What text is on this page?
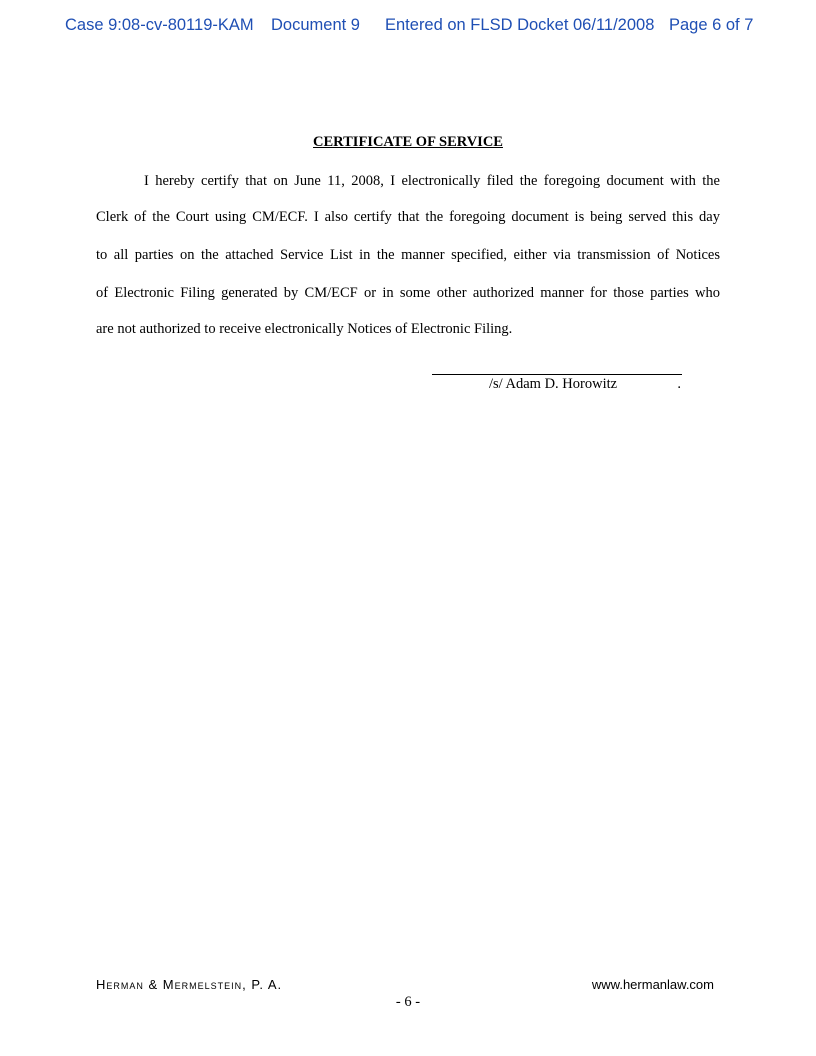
Case 9:08-cv-80119-KAM Document 9 Entered on FLSD Docket 06/11/2008 Page 6 of 7
CERTIFICATE OF SERVICE
I hereby certify that on June 11, 2008, I electronically filed the foregoing document with the
Clerk of the Court using CM/ECF. I also certify that the foregoing document is being served this day
to all parties on the attached Service List in the manner specified, either via transmission of Notices
of Electronic Filing generated by CM/ECF or in some other authorized manner for those parties who
are not authorized to receive electronically Notices of Electronic Filing.
/s/ Adam D. Horowitz	.
Herman & Mermelstein, P. A.	www.hermanlaw.com
- 6 -
